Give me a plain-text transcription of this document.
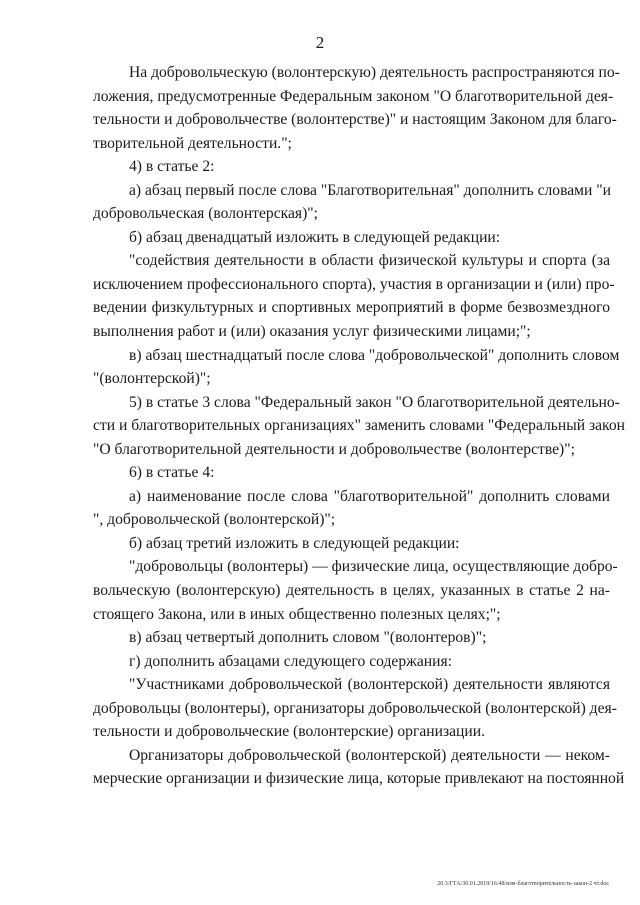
2
На добровольческую (волонтерскую) деятельность распространяются по-
ложения, предусмотренные Федеральным законом "О благотворительной дея-
тельности и добровольчестве (волонтерстве)" и настоящим Законом для благо-
творительной деятельности.";
4) в статье 2:
а) абзац первый после слова "Благотворительная" дополнить словами "и
добровольческая (волонтерская)";
б) абзац двенадцатый изложить в следующей редакции:
"содействия деятельности в области физической культуры и спорта (за
исключением профессионального спорта), участия в организации и (или) про-
ведении физкультурных и спортивных мероприятий в форме безвозмездного
выполнения работ и (или) оказания услуг физическими лицами;";
в) абзац шестнадцатый после слова "добровольческой" дополнить словом
"(волонтерской)";
5) в статье 3 слова "Федеральный закон "О благотворительной деятельно-
сти и благотворительных организациях" заменить словами "Федеральный закон
"О благотворительной деятельности и добровольчестве (волонтерстве)";
6) в статье 4:
а) наименование после слова "благотворительной" дополнить словами
", добровольческой (волонтерской)";
б) абзац третий изложить в следующей редакции:
"добровольцы (волонтеры) — физические лица, осуществляющие добро-
вольческую (волонтерскую) деятельность в целях, указанных в статье 2 на-
стоящего Закона, или в иных общественно полезных целях;";
в) абзац четвертый дополнить словом "(волонтеров)";
г) дополнить абзацами следующего содержания:
"Участниками добровольческой (волонтерской) деятельности являются
добровольцы (волонтеры), организаторы добровольческой (волонтерской) дея-
тельности и добровольческие (волонтерские) организации.
Организаторы добровольческой (волонтерской) деятельности — неком-
мерческие организации и физические лица, которые привлекают на постоянной
20.3/ГТА/30.01.2019/16:48/изм-благотворительность-закон-2 чт.doc
